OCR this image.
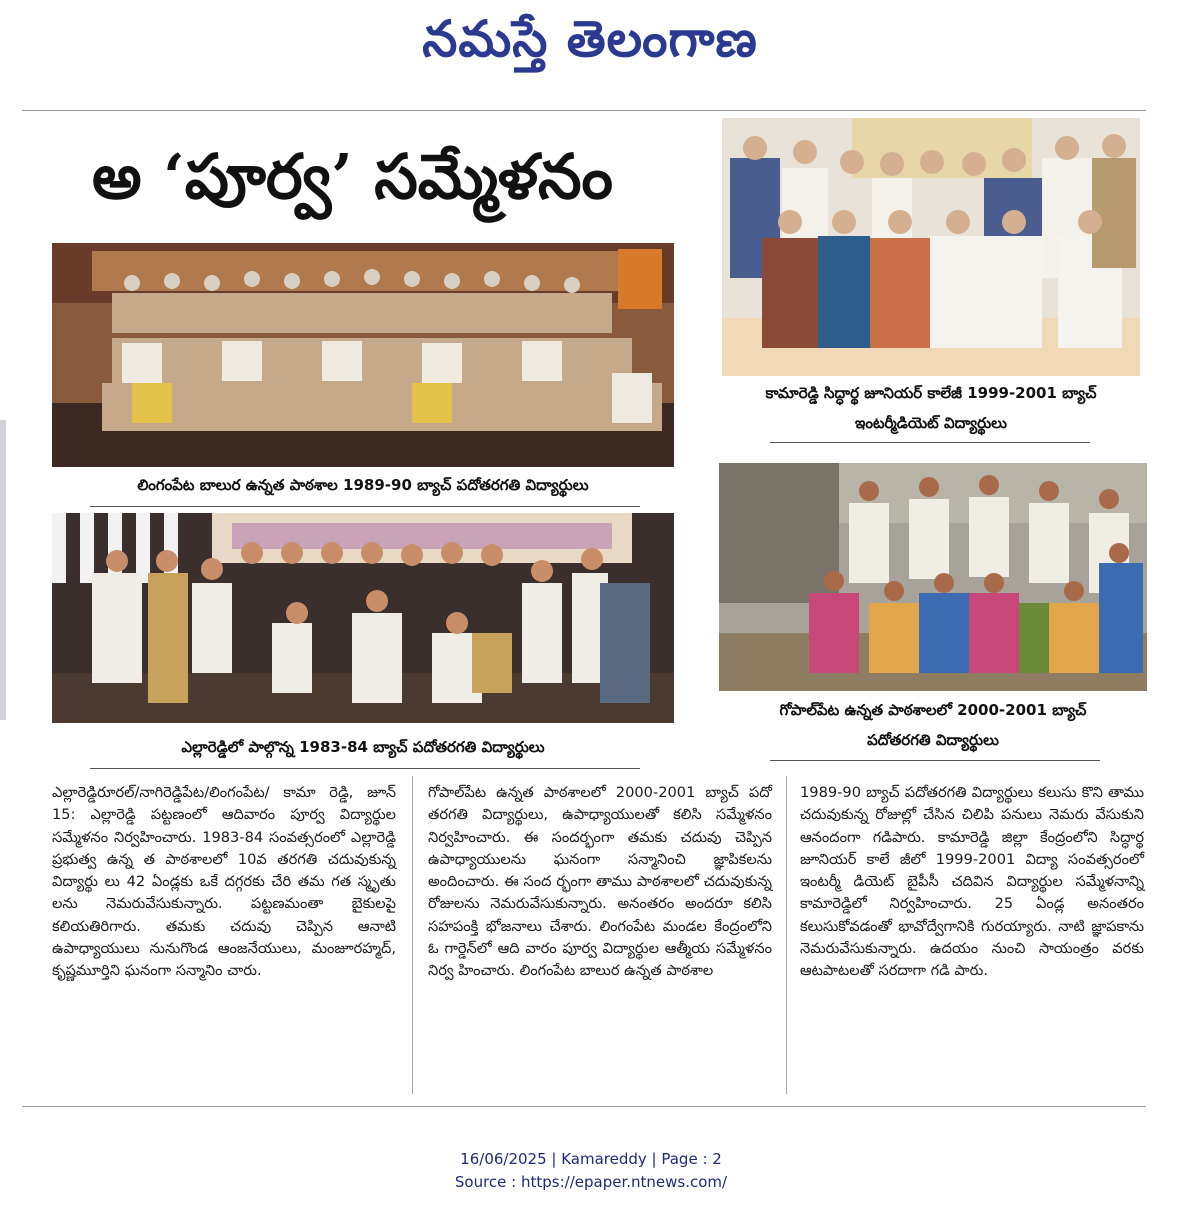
నమస్తే తెలంగాణ
అ ‘పూర్వ’ సమ్మేళనం
లింగంపేట బాలుర ఉన్నత పాఠశాల 1989-90 బ్యాచ్ పదోతరగతి విద్యార్థులు
కామారెడ్డి సిద్ధార్థ జూనియర్ కాలేజీ 1999-2001 బ్యాచ్
ఇంటర్మీడియెట్ విద్యార్థులు
ఎల్లారెడ్డిలో పాల్గొన్న 1983-84 బ్యాచ్ పదోతరగతి విద్యార్థులు
గోపాల్‌పేట ఉన్నత పాఠశాలలో 2000-2001 బ్యాచ్
పదోతరగతి విద్యార్థులు

ఎల్లారెడ్డిరూరల్/నాగిరెడ్డిపేట/లింగంపేట/ కామా రెడ్డి, జూన్ 15: ఎల్లారెడ్డి పట్టణంలో ఆదివారం పూర్వ విద్యార్థుల సమ్మేళనం నిర్వహించారు. 1983-84 సంవత్సరంలో ఎల్లారెడ్డి ప్రభుత్వ ఉన్న త పాఠశాలలో 10వ తరగతి చదువుకున్న విద్యార్థు లు 42 ఏండ్లకు ఒకే దగ్గరకు చేరి తమ గత స్మృతు లను నెమరువేసుకున్నారు. పట్టణమంతా బైకులపై కలియతిరిగారు. తమకు చదువు చెప్పిన ఆనాటి ఉపాధ్యాయులు నునుగొండ ఆంజనేయులు, మంజూరహ్మద్, కృష్ణమూర్తిని ఘనంగా సన్మానిం చారు.

గోపాల్‌పేట ఉన్నత పాఠశాలలో 2000-2001 బ్యాచ్ పదో తరగతి విద్యార్థులు, ఉపాధ్యాయులతో కలిసి సమ్మేళనం నిర్వహించారు. ఈ సందర్భంగా తమకు చదువు చెప్పిన ఉపాధ్యాయులను ఘనంగా సన్మానించి జ్ఞాపికలను అందించారు. ఈ సంద ర్భంగా తాము పాఠశాలలో చదువుకున్న రోజులను నెమరువేసుకున్నారు. అనంతరం అందరూ కలిసి సహపంక్తి భోజనాలు చేశారు. లింగంపేట మండల కేంద్రంలోని ఓ గార్డెన్‌లో ఆది వారం పూర్వ విద్యార్థుల ఆత్మీయ సమ్మేళనం నిర్వ హించారు. లింగంపేట బాలుర ఉన్నత పాఠశాల

1989-90 బ్యాచ్ పదోతరగతి విద్యార్థులు కలుసు కొని తాము చదువుకున్న రోజుల్లో చేసిన చిలిపి పనులు నెమరు వేసుకుని ఆనందంగా గడిపారు. కామారెడ్డి జిల్లా కేంద్రంలోని సిద్ధార్థ జూనియర్ కాలే జీలో 1999-2001 విద్యా సంవత్సరంలో ఇంటర్మీ డియెట్ బైపీసీ చదివిన విద్యార్థుల సమ్మేళనాన్ని కామారెడ్డిలో నిర్వహించారు. 25 ఏండ్ల అనంతరం కలుసుకోవడంతో భావోద్వేగానికి గురయ్యారు. నాటి జ్ఞాపకాను నెమరువేసుకున్నారు. ఉదయం నుంచి సాయంత్రం వరకు ఆటపాటలతో సరదాగా గడి పారు.

16/06/2025 | Kamareddy | Page : 2
Source : https://epaper.ntnews.com/
